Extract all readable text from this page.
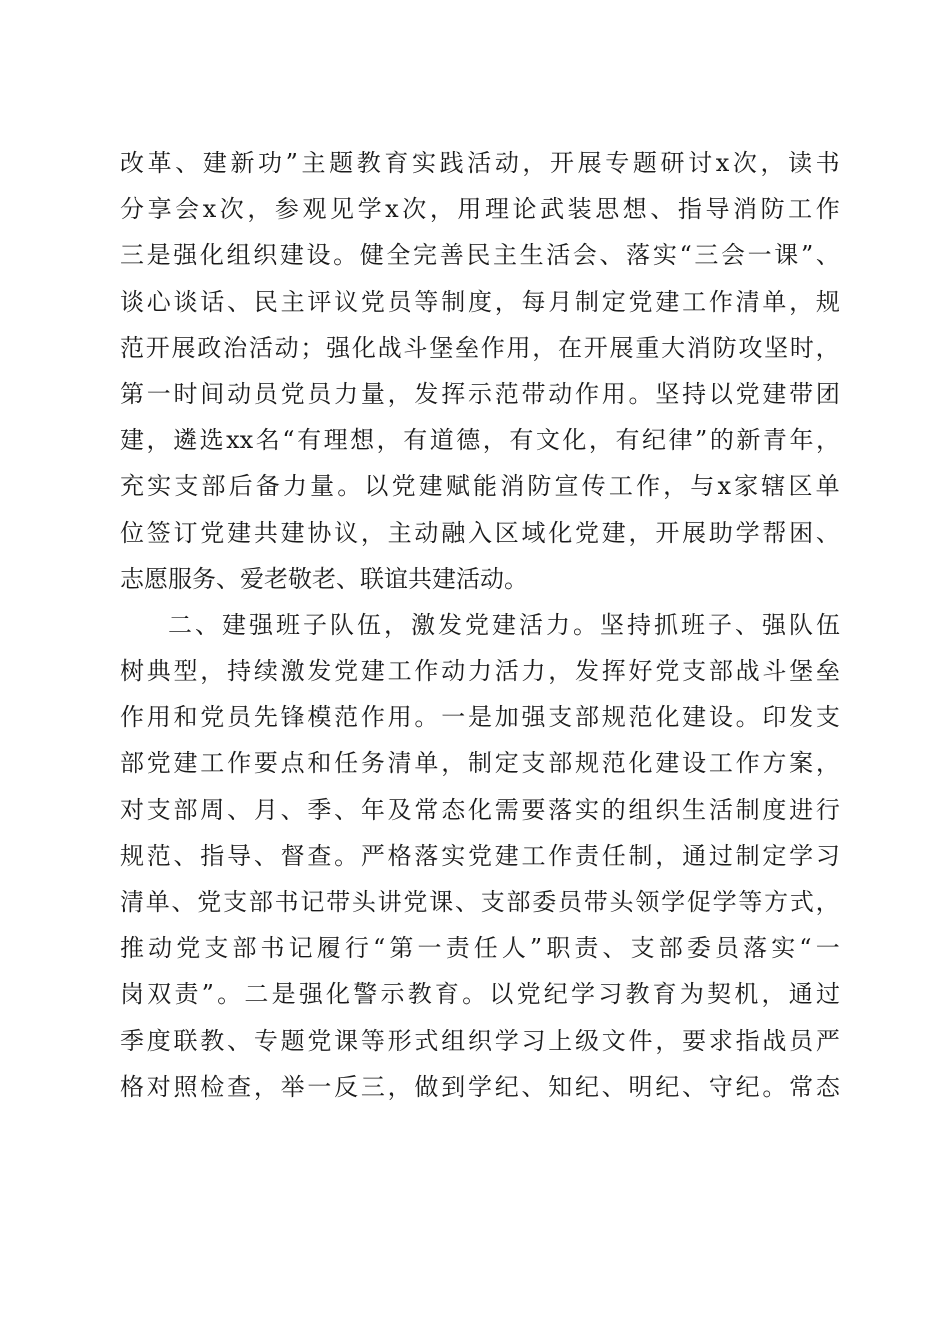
改 革 、 建 新 功 ” 主 题 教 育 实 践 活 动 ， 开 展 专 题 研 讨 x 次 ， 读 书
分 享 会 x 次 ， 参 观 见 学 x 次 ， 用 理 论 武 装 思 想 、 指 导 消 防 工 作
三 是 强 化 组 织 建 设 。 健 全 完 善 民 主 生 活 会 、 落 实 “ 三 会 一 课 ” 、
谈 心 谈 话 、 民 主 评 议 党 员 等 制 度 ， 每 月 制 定 党 建 工 作 清 单 ， 规
范 开 展 政 治 活 动 ； 强 化 战 斗 堡 垒 作 用 ， 在 开 展 重 大 消 防 攻 坚 时 ，
第 一 时 间 动 员 党 员 力 量 ， 发 挥 示 范 带 动 作 用 。 坚 持 以 党 建 带 团
建 ， 遴 选 xx 名 “ 有 理 想 ， 有 道 德 ， 有 文 化 ， 有 纪 律 ” 的 新 青 年 ，
充 实 支 部 后 备 力 量 。 以 党 建 赋 能 消 防 宣 传 工 作 ， 与 x 家 辖 区 单
位 签 订 党 建 共 建 协 议 ， 主 动 融 入 区 域 化 党 建 ， 开 展 助 学 帮 困 、
志愿服务、爱老敬老、联谊共建活动。
二 、 建 强 班 子 队 伍 ， 激 发 党 建 活 力 。 坚 持 抓 班 子 、 强 队 伍
树 典 型 ， 持 续 激 发 党 建 工 作 动 力 活 力 ， 发 挥 好 党 支 部 战 斗 堡 垒
作 用 和 党 员 先 锋 模 范 作 用 。 一 是 加 强 支 部 规 范 化 建 设 。 印 发 支
部 党 建 工 作 要 点 和 任 务 清 单 ， 制 定 支 部 规 范 化 建 设 工 作 方 案 ，
对 支 部 周 、 月 、 季 、 年 及 常 态 化 需 要 落 实 的 组 织 生 活 制 度 进 行
规 范 、 指 导 、 督 查 。 严 格 落 实 党 建 工 作 责 任 制 ， 通 过 制 定 学 习
清 单 、 党 支 部 书 记 带 头 讲 党 课 、 支 部 委 员 带 头 领 学 促 学 等 方 式 ，
推 动 党 支 部 书 记 履 行 “ 第 一 责 任 人 ” 职 责 、 支 部 委 员 落 实 “ 一
岗 双 责 ” 。 二 是 强 化 警 示 教 育 。 以 党 纪 学 习 教 育 为 契 机 ， 通 过
季 度 联 教 、 专 题 党 课 等 形 式 组 织 学 习 上 级 文 件 ， 要 求 指 战 员 严
格 对 照 检 查 ， 举 一 反 三 ， 做 到 学 纪 、 知 纪 、 明 纪 、 守 纪 。 常 态
